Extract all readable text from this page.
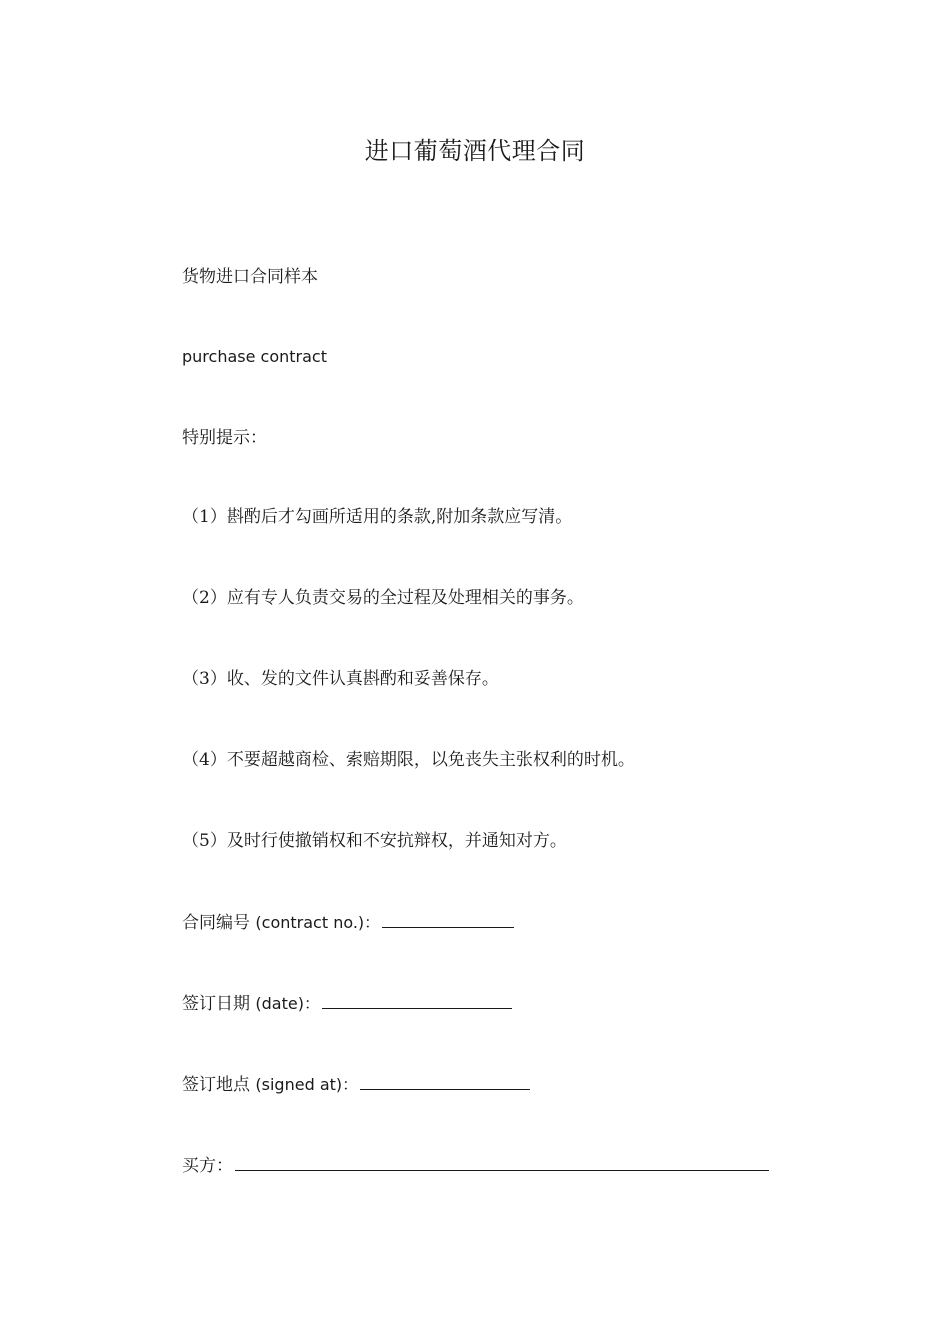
进口葡萄酒代理合同
货物进口合同样本
purchase contract
特别提示：
（1）斟酌后才勾画所适用的条款,附加条款应写清。
（2）应有专人负责交易的全过程及处理相关的事务。
（3）收、发的文件认真斟酌和妥善保存。
（4）不要超越商检、索赔期限，以免丧失主张权利的时机。
（5）及时行使撤销权和不安抗辩权，并通知对方。
合同编号 (contract no.)：
签订日期 (date)：
签订地点 (signed at)：
买方：
